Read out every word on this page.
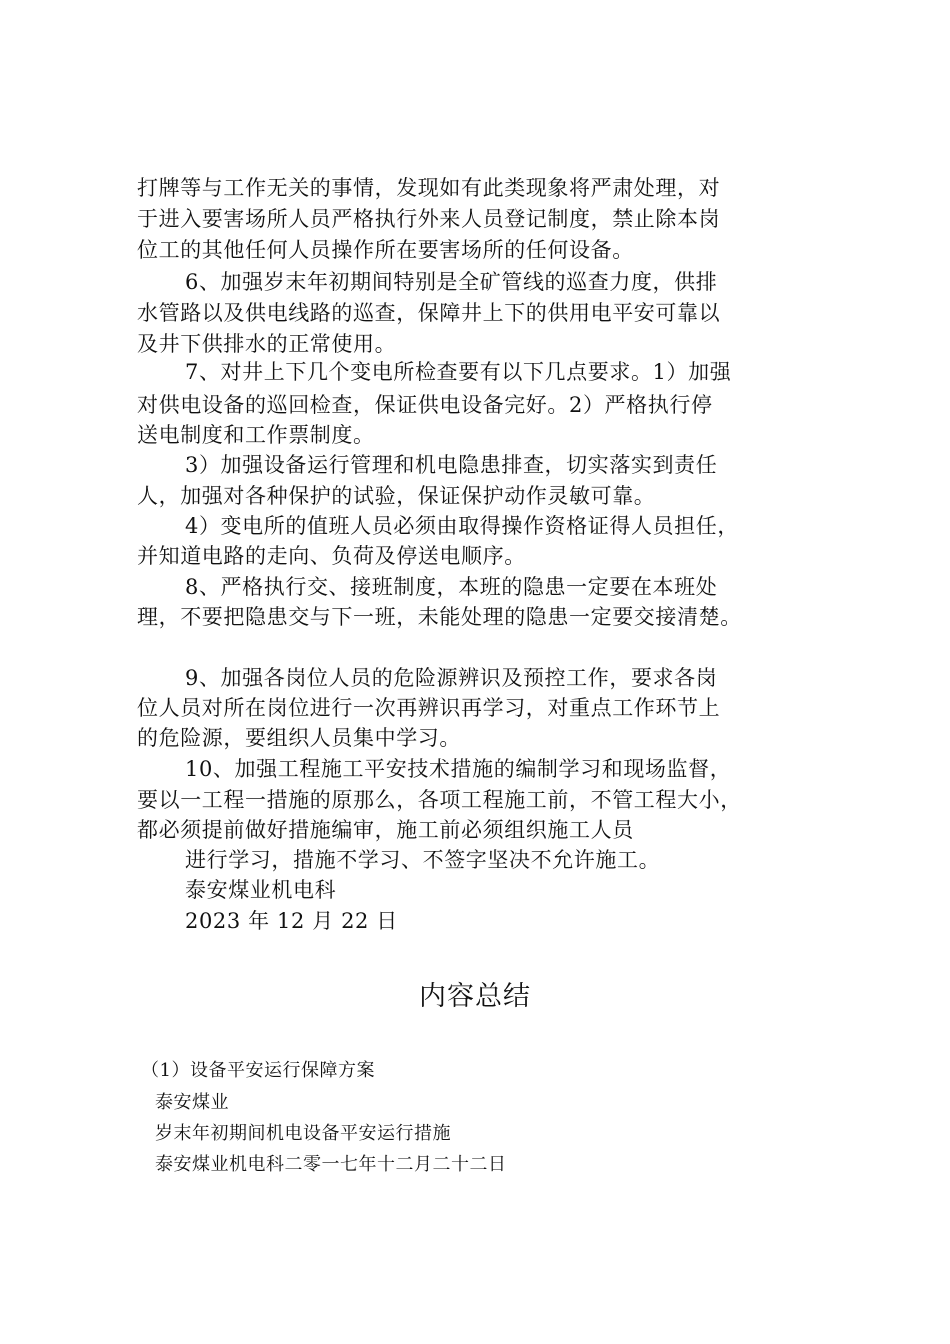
打牌等与工作无关的事情，发现如有此类现象将严肃处理，对
于进入要害场所人员严格执行外来人员登记制度，禁止除本岗
位工的其他任何人员操作所在要害场所的任何设备。
6、加强岁末年初期间特别是全矿管线的巡查力度，供排
水管路以及供电线路的巡查，保障井上下的供用电平安可靠以
及井下供排水的正常使用。
7、对井上下几个变电所检查要有以下几点要求。1）加强
对供电设备的巡回检查，保证供电设备完好。2）严格执行停
送电制度和工作票制度。
3）加强设备运行管理和机电隐患排查，切实落实到责任
人，加强对各种保护的试验，保证保护动作灵敏可靠。
4）变电所的值班人员必须由取得操作资格证得人员担任，
并知道电路的走向、负荷及停送电顺序。
8、严格执行交、接班制度，本班的隐患一定要在本班处
理，不要把隐患交与下一班，未能处理的隐患一定要交接清楚。
9、加强各岗位人员的危险源辨识及预控工作，要求各岗
位人员对所在岗位进行一次再辨识再学习，对重点工作环节上
的危险源，要组织人员集中学习。
10、加强工程施工平安技术措施的编制学习和现场监督，
要以一工程一措施的原那么，各项工程施工前，不管工程大小，
都必须提前做好措施编审，施工前必须组织施工人员
进行学习，措施不学习、不签字坚决不允许施工。
泰安煤业机电科
2023 年 12 月 22 日
内容总结
（1）设备平安运行保障方案
泰安煤业
岁末年初期间机电设备平安运行措施
泰安煤业机电科二零一七年十二月二十二日
